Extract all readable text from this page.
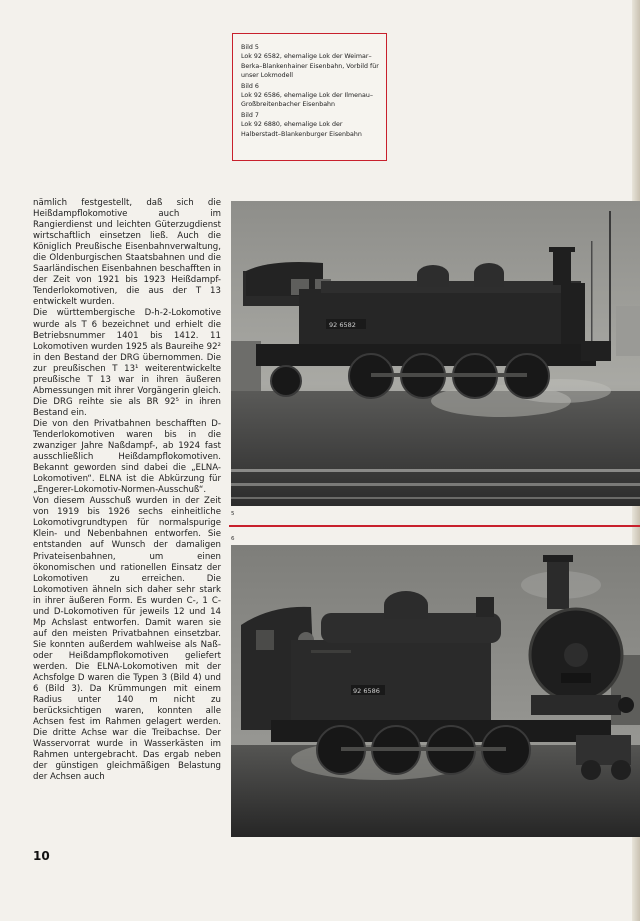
Bild 5
Lok 92 6582, ehemalige Lok der Weimar–Berka–Blankenhainer Eisenbahn, Vorbild für unser Lokmodell
Bild 6
Lok 92 6586, ehemalige Lok der Ilmenau–Großbreitenbacher Eisenbahn
Bild 7
Lok 92 6880, ehemalige Lok der Halberstadt–Blankenburger Eisenbahn

nämlich festgestellt, daß sich die Heißdampflokomotive auch im Rangierdienst und leichten Güterzugdienst wirtschaftlich einsetzen ließ. Auch die Königlich Preußische Eisenbahnverwaltung, die Oldenburgischen Staatsbahnen und die Saarländischen Eisenbahnen beschafften in der Zeit von 1921 bis 1923 Heißdampf-Tenderlokomotiven, die aus der T 13 entwickelt wurden.

Die württembergische D-h-2-Lokomotive wurde als T 6 bezeichnet und erhielt die Betriebsnummer 1401 bis 1412. 11 Lokomotiven wurden 1925 als Baureihe 92² in den Bestand der DRG übernommen. Die zur preußischen T 13¹ weiterentwickelte preußische T 13 war in ihren äußeren Abmessungen mit ihrer Vorgängerin gleich. Die DRG reihte sie als BR 92⁵ in ihren Bestand ein.

Die von den Privatbahnen beschafften D-Tenderlokomotiven waren bis in die zwanziger Jahre Naßdampf-, ab 1924 fast ausschließlich Heißdampflokomotiven. Bekannt geworden sind dabei die „ELNA-Lokomotiven“. ELNA ist die Abkürzung für „Engerer-Lokomotiv-Normen-Ausschuß“. Von diesem Ausschuß wurden in der Zeit von 1919 bis 1926 sechs einheitliche Lokomotivgrundtypen für normalspurige Klein- und Nebenbahnen entworfen. Sie entstanden auf Wunsch der damaligen Privateisenbahnen, um einen ökonomischen und rationellen Einsatz der Lokomotiven zu erreichen. Die Lokomotiven ähneln sich daher sehr stark in ihrer äußeren Form. Es wurden C-, 1 C- und D-Lokomotiven für jeweils 12 und 14 Mp Achslast entworfen. Damit waren sie auf den meisten Privatbahnen einsetzbar. Sie konnten außerdem wahlweise als Naß- oder Heißdampflokomotiven geliefert werden. Die ELNA-Lokomotiven mit der Achsfolge D waren die Typen 3 (Bild 4) und 6 (Bild 3). Da Krümmungen mit einem Radius unter 140 m nicht zu berücksichtigen waren, konnten alle Achsen fest im Rahmen gelagert werden. Die dritte Achse war die Treibachse. Der Wasservorrat wurde in Wasserkästen im Rahmen untergebracht. Das ergab neben der günstigen gleichmäßigen Belastung der Achsen auch

92 6582
5
6
92 6586
10
